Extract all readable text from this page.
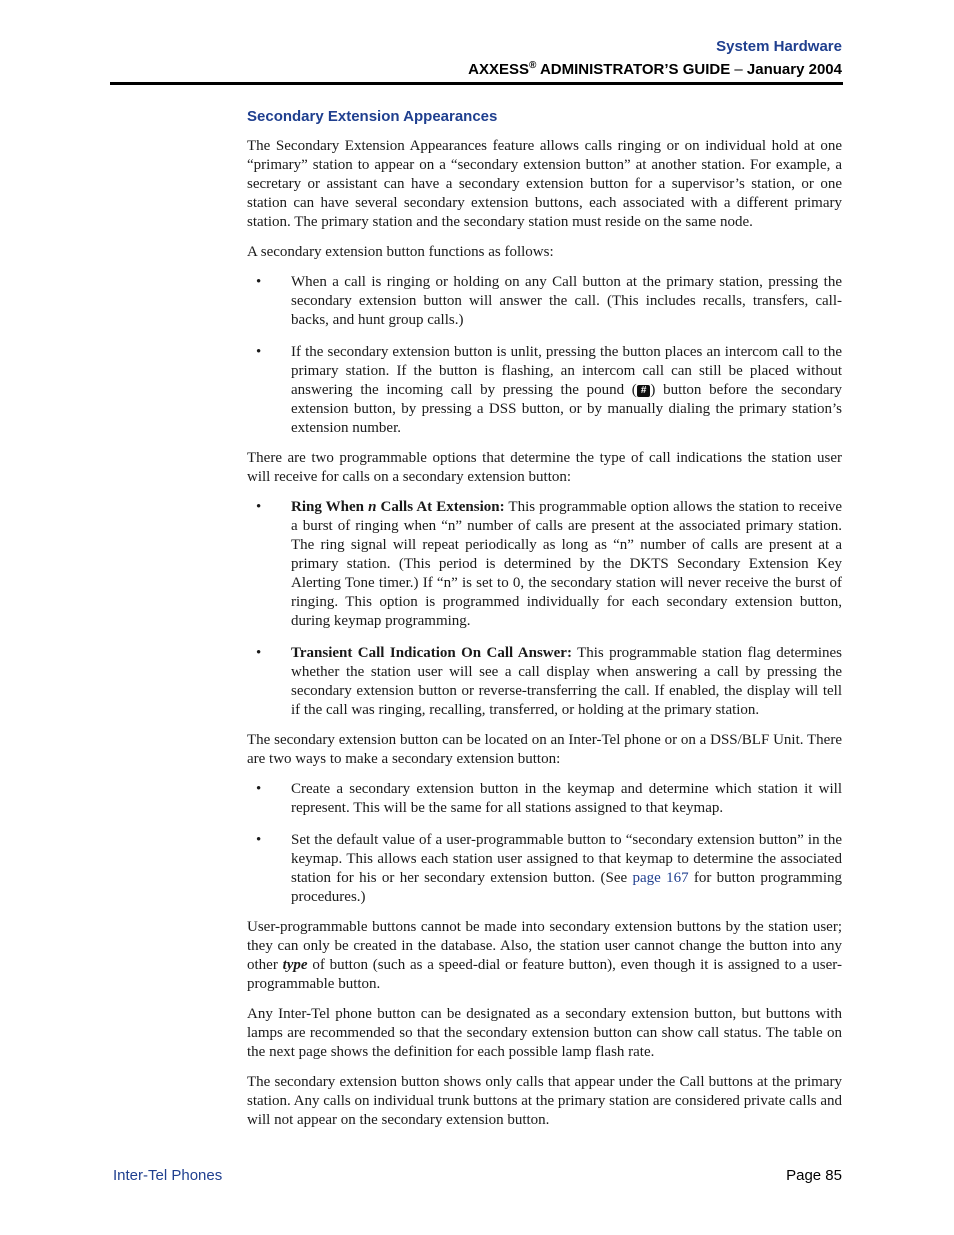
System Hardware
AXXESS® ADMINISTRATOR’S GUIDE – January 2004
Secondary Extension Appearances

The Secondary Extension Appearances feature allows calls ringing or on individual hold at one “primary” station to appear on a “secondary extension button” at another station. For example, a secretary or assistant can have a secondary extension button for a supervisor’s station, or one station can have several secondary extension buttons, each associated with a different primary station. The primary station and the secondary station must reside on the same node.

A secondary extension button functions as follows:

• When a call is ringing or holding on any Call button at the primary station, pressing the secondary extension button will answer the call. (This includes recalls, transfers, call-backs, and hunt group calls.)
• If the secondary extension button is unlit, pressing the button places an intercom call to the primary station. If the button is flashing, an intercom call can still be placed without answering the incoming call by pressing the pound ( # ) button before the secondary extension button, by pressing a DSS button, or by manually dialing the primary station’s extension number.

There are two programmable options that determine the type of call indications the station user will receive for calls on a secondary extension button:

• Ring When n Calls At Extension: This programmable option allows the station to receive a burst of ringing when “n” number of calls are present at the associated primary station. The ring signal will repeat periodically as long as “n” number of calls are present at a primary station. (This period is determined by the DKTS Secondary Extension Key Alerting Tone timer.) If “n” is set to 0, the secondary station will never receive the burst of ringing. This option is programmed individually for each secondary extension button, during keymap programming.
• Transient Call Indication On Call Answer: This programmable station flag determines whether the station user will see a call display when answering a call by pressing the secondary extension button or reverse-transferring the call. If enabled, the display will tell if the call was ringing, recalling, transferred, or holding at the primary station.

The secondary extension button can be located on an Inter-Tel phone or on a DSS/BLF Unit. There are two ways to make a secondary extension button:

• Create a secondary extension button in the keymap and determine which station it will represent. This will be the same for all stations assigned to that keymap.
• Set the default value of a user-programmable button to “secondary extension button” in the keymap. This allows each station user assigned to that keymap to determine the associated station for his or her secondary extension button. (See page 167 for button programming procedures.)

User-programmable buttons cannot be made into secondary extension buttons by the station user; they can only be created in the database. Also, the station user cannot change the button into any other type of button (such as a speed-dial or feature button), even though it is assigned to a user-programmable button.

Any Inter-Tel phone button can be designated as a secondary extension button, but buttons with lamps are recommended so that the secondary extension button can show call status. The table on the next page shows the definition for each possible lamp flash rate.

The secondary extension button shows only calls that appear under the Call buttons at the primary station. Any calls on individual trunk buttons at the primary station are considered private calls and will not appear on the secondary extension button.

Inter-Tel Phones	Page 85
